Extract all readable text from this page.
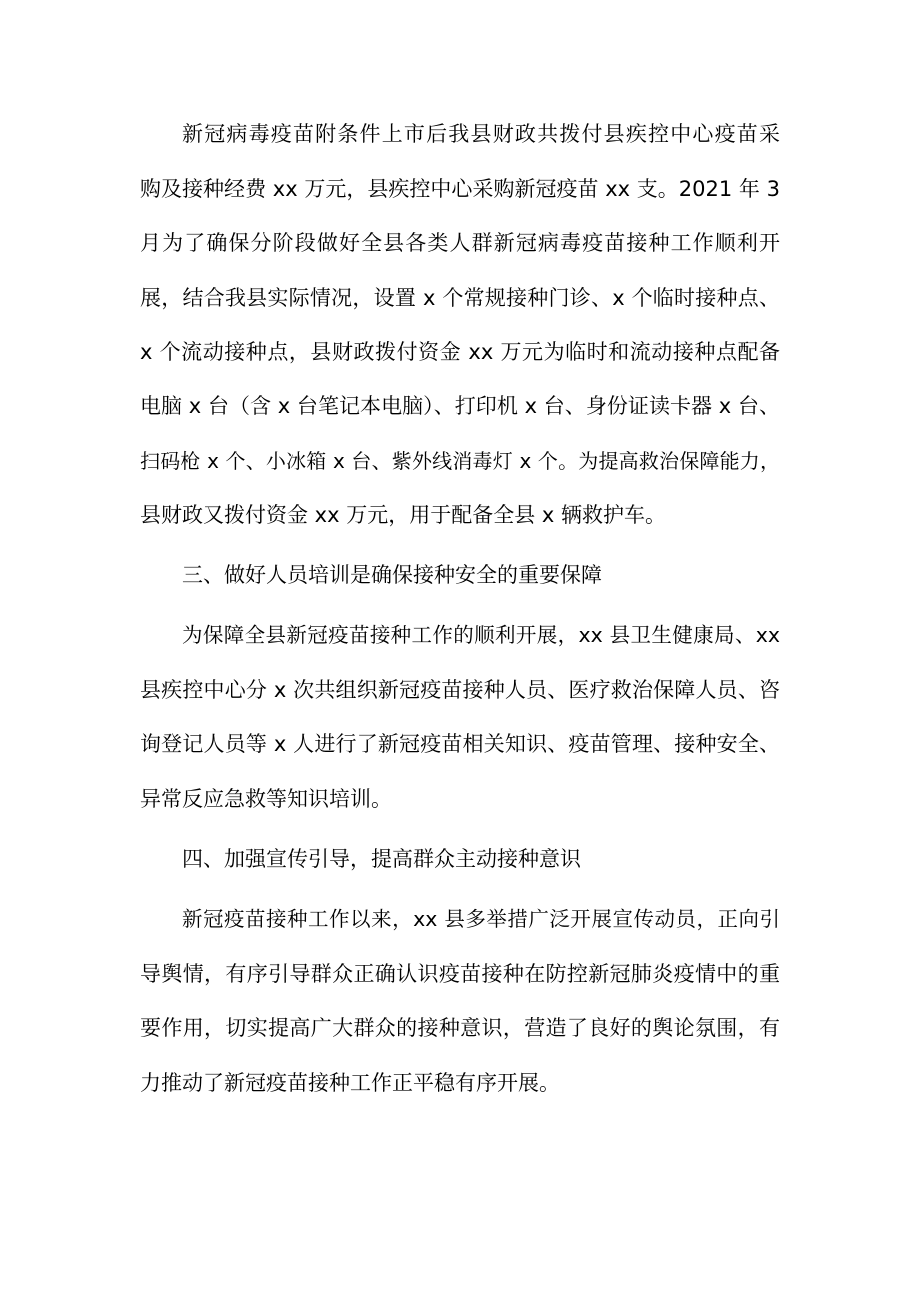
新冠病毒疫苗附条件上市后我县财政共拨付县疾控中心疫苗采
购及接种经费 xx 万元，县疾控中心采购新冠疫苗 xx 支。2021 年 3
月为了确保分阶段做好全县各类人群新冠病毒疫苗接种工作顺利开
展，结合我县实际情况，设置 x 个常规接种门诊、x 个临时接种点、
x 个流动接种点，县财政拨付资金 xx 万元为临时和流动接种点配备
电脑 x 台（含 x 台笔记本电脑）、打印机 x 台、身份证读卡器 x 台、
扫码枪 x 个、小冰箱 x 台、紫外线消毒灯 x 个。为提高救治保障能力，
县财政又拨付资金 xx 万元，用于配备全县 x 辆救护车。
三、做好人员培训是确保接种安全的重要保障
为保障全县新冠疫苗接种工作的顺利开展，xx 县卫生健康局、xx
县疾控中心分 x 次共组织新冠疫苗接种人员、医疗救治保障人员、咨
询登记人员等 x 人进行了新冠疫苗相关知识、疫苗管理、接种安全、
异常反应急救等知识培训。
四、加强宣传引导，提高群众主动接种意识
新冠疫苗接种工作以来，xx 县多举措广泛开展宣传动员，正向引
导舆情，有序引导群众正确认识疫苗接种在防控新冠肺炎疫情中的重
要作用，切实提高广大群众的接种意识，营造了良好的舆论氛围，有
力推动了新冠疫苗接种工作正平稳有序开展。
